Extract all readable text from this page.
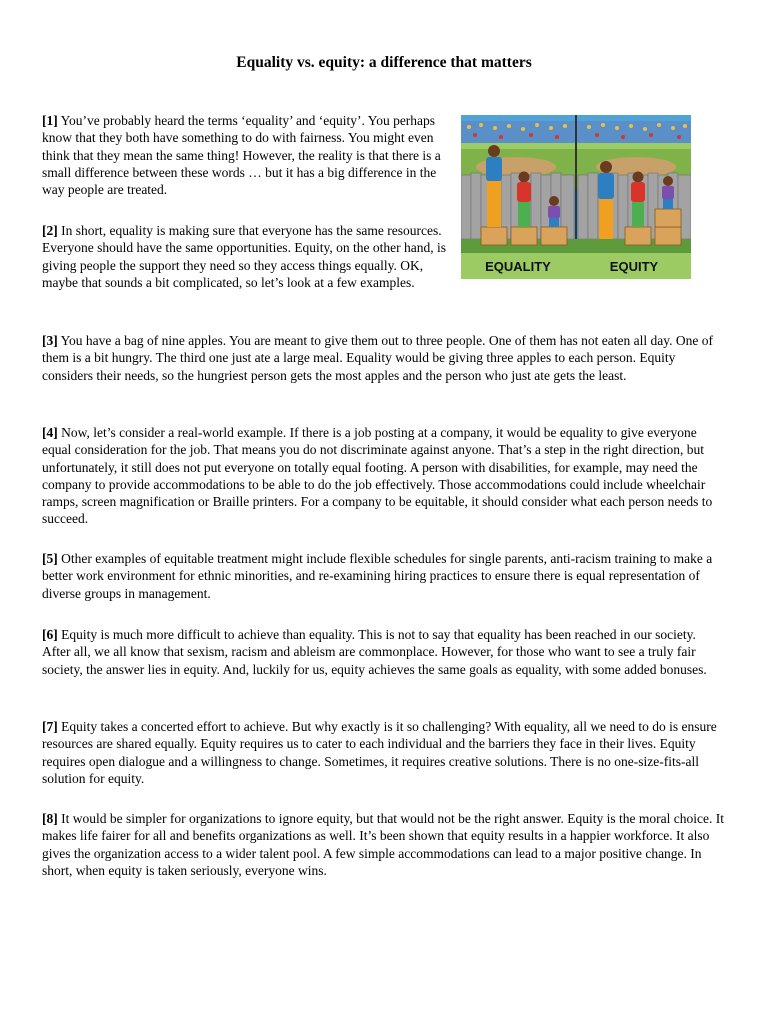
Equality vs. equity: a difference that matters

[1] You’ve probably heard the terms ‘equality’ and ‘equity’. You perhaps know that they both have something to do with fairness. You might even think that they mean the same thing! However, the reality is that there is a small difference between these words … but it has a big difference in the way people are treated.

[2] In short, equality is making sure that everyone has the same resources. Everyone should have the same opportunities. Equity, on the other hand, is giving people the support they need so they access things equally. OK, maybe that sounds a bit complicated, so let’s look at a few examples.

[3] You have a bag of nine apples. You are meant to give them out to three people. One of them has not eaten all day. One of them is a bit hungry. The third one just ate a large meal. Equality would be giving three apples to each person. Equity considers their needs, so the hungriest person gets the most apples and the person who just ate gets the least.

[4] Now, let’s consider a real-world example. If there is a job posting at a company, it would be equality to give everyone equal consideration for the job. That means you do not discriminate against anyone. That’s a step in the right direction, but unfortunately, it still does not put everyone on totally equal footing. A person with disabilities, for example, may need the company to provide accommodations to be able to do the job effectively. Those accommodations could include wheelchair ramps, screen magnification or Braille printers. For a company to be equitable, it should consider what each person needs to succeed.

[5] Other examples of equitable treatment might include flexible schedules for single parents, anti-racism training to make a better work environment for ethnic minorities, and re-examining hiring practices to ensure there is equal representation of diverse groups in management.

[6] Equity is much more difficult to achieve than equality. This is not to say that equality has been reached in our society. After all, we all know that sexism, racism and ableism are commonplace. However, for those who want to see a truly fair society, the answer lies in equity. And, luckily for us, equity achieves the same goals as equality, with some added bonuses.

[7] Equity takes a concerted effort to achieve. But why exactly is it so challenging? With equality, all we need to do is ensure resources are shared equally. Equity requires us to cater to each individual and the barriers they face in their lives. Equity requires open dialogue and a willingness to change. Sometimes, it requires creative solutions. There is no one-size-fits-all solution for equity.

[8] It would be simpler for organizations to ignore equity, but that would not be the right answer. Equity is the moral choice. It makes life fairer for all and benefits organizations as well. It’s been shown that equity results in a happier workforce. It also gives the organization access to a wider talent pool. A few simple accommodations can lead to a major positive change. In short, when equity is taken seriously, everyone wins.

EQUALITY	EQUITY
